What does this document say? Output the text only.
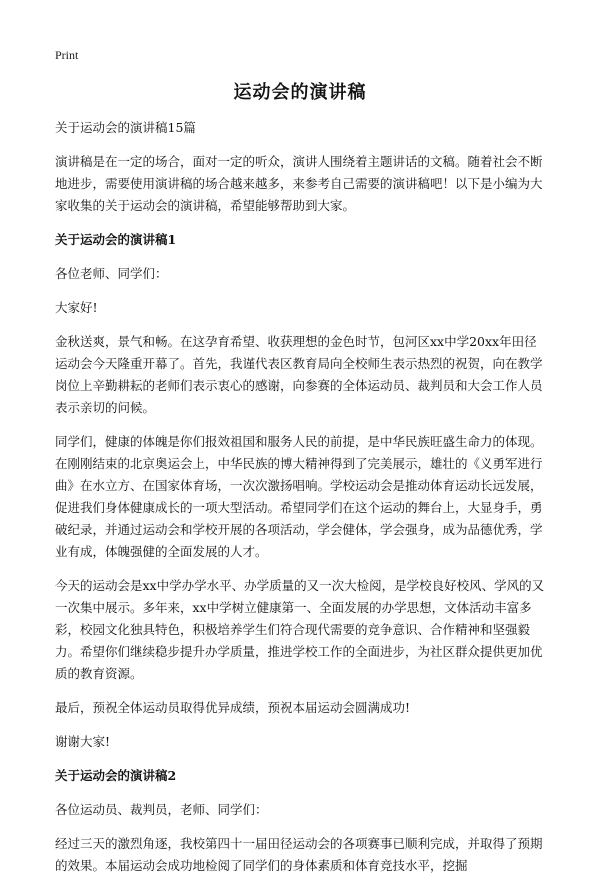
Print
运动会的演讲稿

关于运动会的演讲稿15篇

演讲稿是在一定的场合，面对一定的听众，演讲人围绕着主题讲话的文稿。随着社会不断地进步，需要使用演讲稿的场合越来越多，来参考自己需要的演讲稿吧！以下是小编为大家收集的关于运动会的演讲稿，希望能够帮助到大家。

关于运动会的演讲稿1

各位老师、同学们：

大家好!

金秋送爽，景气和畅。在这孕育希望、收获理想的金色时节，包河区xx中学20xx年田径运动会今天隆重开幕了。首先，我谨代表区教育局向全校师生表示热烈的祝贺，向在教学岗位上辛勤耕耘的老师们表示衷心的感谢，向参赛的全体运动员、裁判员和大会工作人员表示亲切的问候。

同学们，健康的体魄是你们报效祖国和服务人民的前提，是中华民族旺盛生命力的体现。在刚刚结束的北京奥运会上，中华民族的博大精神得到了完美展示，雄壮的《义勇军进行曲》在水立方、在国家体育场，一次次激扬唱响。学校运动会是推动体育运动长远发展，促进我们身体健康成长的一项大型活动。希望同学们在这个运动的舞台上，大显身手，勇破纪录，并通过运动会和学校开展的各项活动，学会健体，学会强身，成为品德优秀，学业有成，体魄强健的全面发展的人才。

今天的运动会是xx中学办学水平、办学质量的又一次大检阅，是学校良好校风、学风的又一次集中展示。多年来，xx中学树立健康第一、全面发展的办学思想，文体活动丰富多彩，校园文化独具特色，积极培养学生们符合现代需要的竞争意识、合作精神和坚强毅力。希望你们继续稳步提升办学质量，推进学校工作的全面进步，为社区群众提供更加优质的教育资源。

最后，预祝全体运动员取得优异成绩，预祝本届运动会圆满成功!

谢谢大家!

关于运动会的演讲稿2

各位运动员、裁判员，老师、同学们：

经过三天的激烈角逐，我校第四十一届田径运动会的各项赛事已顺利完成，并取得了预期的效果。本届运动会成功地检阅了同学们的身体素质和体育竞技水平，挖掘
